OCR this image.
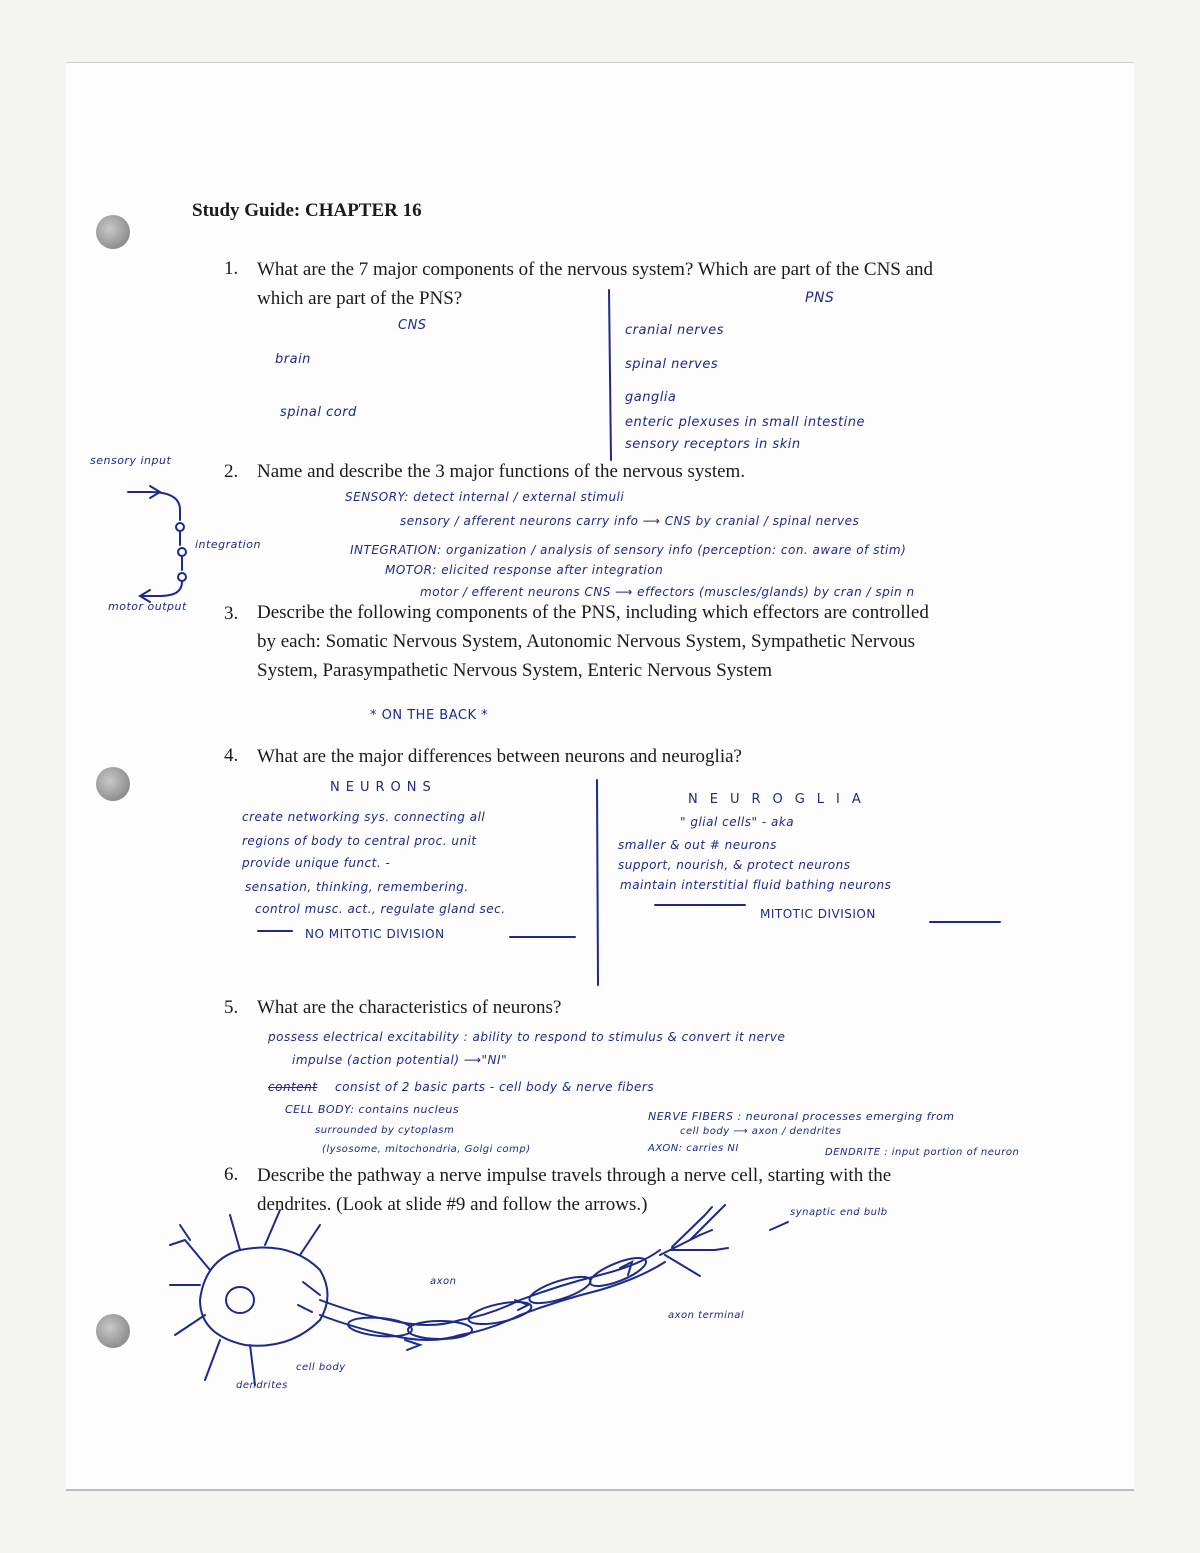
Study Guide: CHAPTER 16
1. What are the 7 major components of the nervous system? Which are part of the CNS and
which are part of the PNS?
2. Name and describe the 3 major functions of the nervous system.
3. Describe the following components of the PNS, including which effectors are controlled
by each: Somatic Nervous System, Autonomic Nervous System, Sympathetic Nervous
System, Parasympathetic Nervous System, Enteric Nervous System
4. What are the major differences between neurons and neuroglia?
5. What are the characteristics of neurons?
6. Describe the pathway a nerve impulse travels through a nerve cell, starting with the
dendrites. (Look at slide #9 and follow the arrows.)
CNS
PNS
brain
spinal cord
cranial nerves
spinal nerves
ganglia
enteric plexuses in small intestine
sensory receptors in skin
sensory input
integration
motor output
SENSORY: detect internal / external stimuli
sensory / afferent neurons carry info ⟶ CNS by cranial / spinal nerves
INTEGRATION: organization / analysis of sensory info (perception: con. aware of stim)
MOTOR: elicited response after integration
motor / efferent neurons CNS ⟶ effectors (muscles/glands) by cran / spin n
* ON THE BACK *
NEURONS
create networking sys. connecting all
regions of body to central proc. unit
provide unique funct. -
sensation, thinking, remembering.
control musc. act., regulate gland sec.
NO MITOTIC DIVISION
NEUROGLIA
" glial cells" - aka
smaller & out # neurons
support, nourish, & protect neurons
maintain interstitial fluid bathing neurons
MITOTIC DIVISION
possess electrical excitability : ability to respond to stimulus & convert it nerve
impulse (action potential) ⟶"NI"
content consist of 2 basic parts - cell body & nerve fibers
CELL BODY: contains nucleus
surrounded by cytoplasm
(lysosome, mitochondria, Golgi comp)
NERVE FIBERS : neuronal processes emerging from
cell body ⟶ axon / dendrites
AXON: carries NI	DENDRITE : input portion of neuron
synaptic end bulb
axon
axon terminal
cell body
dendrites
